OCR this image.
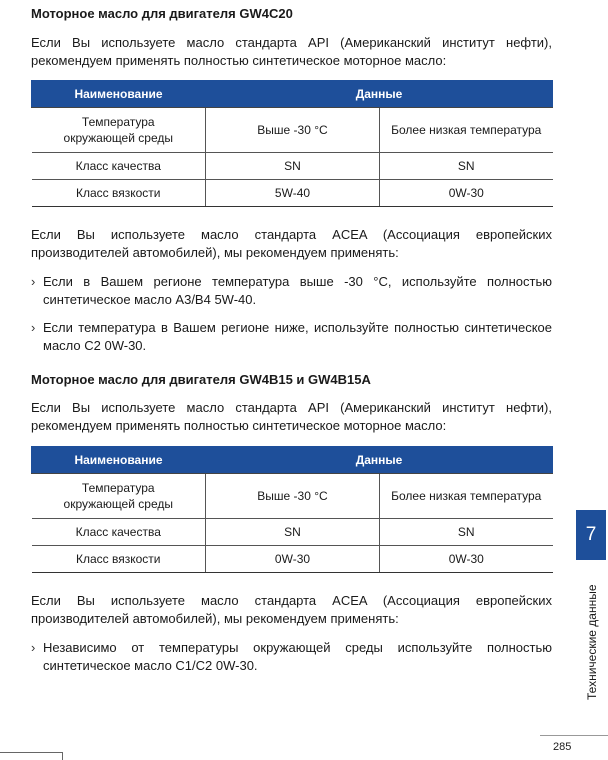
Моторное масло для двигателя GW4C20

Если Вы используете масло стандарта API (Американский институт нефти), рекомендуем применять полностью синтетическое моторное масло:

Наименование	Данные	
Температура окружающей среды	Выше -30 °C	Более низкая температура
Класс качества	SN	SN
Класс вязкости	5W-40	0W-30

Если Вы используете масло стандарта ACEA (Ассоциация европейских производителей автомобилей), мы рекомендуем применять:

› Если в Вашем регионе температура выше -30 °C, используйте полностью синтетическое масло A3/B4 5W-40.
› Если температура в Вашем регионе ниже, используйте полностью синтетическое масло C2 0W-30.
Моторное масло для двигателя GW4B15 и GW4B15A

Если Вы используете масло стандарта API (Американский институт нефти), рекомендуем применять полностью синтетическое моторное масло:

Наименование	Данные	
Температура окружающей среды	Выше -30 °C	Более низкая температура
Класс качества	SN	SN
Класс вязкости	0W-30	0W-30

Если Вы используете масло стандарта ACEA (Ассоциация европейских производителей автомобилей), мы рекомендуем применять:

› Независимо от температуры окружающей среды используйте полностью синтетическое масло C1/C2 0W-30.
7
Технические данные
285
